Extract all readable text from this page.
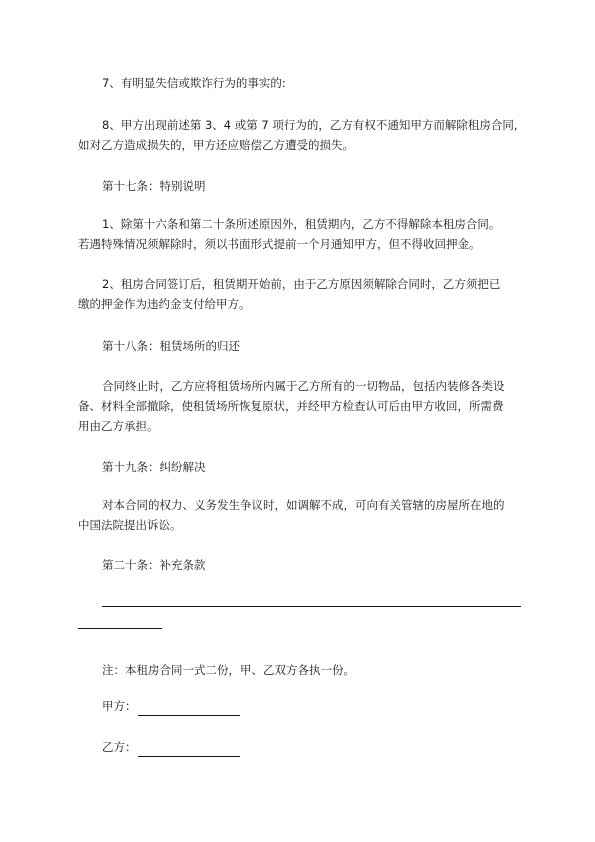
7、有明显失信或欺诈行为的事实的:

8、甲方出现前述第 3、4 或第 7 项行为的，乙方有权不通知甲方而解除租房合同,
如对乙方造成损失的，甲方还应赔偿乙方遭受的损失。

第十七条：特别说明

1、除第十六条和第二十条所述原因外，租赁期内，乙方不得解除本租房合同。
若遇特殊情况须解除时，须以书面形式提前一个月通知甲方，但不得收回押金。

2、租房合同签订后，租赁期开始前，由于乙方原因须解除合同时，乙方须把已
缴的押金作为违约金支付给甲方。

第十八条：租赁场所的归还

合同终止时，乙方应将租赁场所内属于乙方所有的一切物品，包括内装修各类设
备、材料全部撤除，使租赁场所恢复原状，并经甲方检查认可后由甲方收回，所需费
用由乙方承担。

第十九条：纠纷解决

对本合同的权力、义务发生争议时，如调解不成，可向有关管辖的房屋所在地的
中国法院提出诉讼。

第二十条：补充条款

注：本租房合同一式二份，甲、乙双方各执一份。

甲方：

乙方：
